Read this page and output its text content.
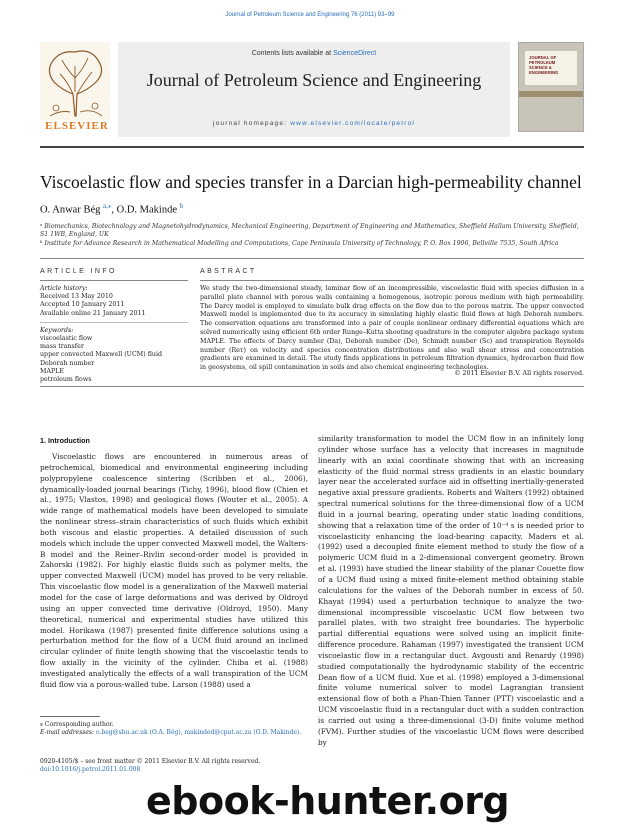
Journal of Petroleum Science and Engineering 76 (2011) 93–99
ELSEVIER
Contents lists available at ScienceDirect
Journal of Petroleum Science and Engineering
journal homepage: www.elsevier.com/locate/petrol
JOURNAL OF
PETROLEUM
SCIENCE &
ENGINEERING
Viscoelastic flow and species transfer in a Darcian high-permeability channel
O. Anwar Bég $^{a,⁎}$, O.D. Makinde $^b$
ᵃ Biomechanics, Biotechnology and Magnetohydrodynamics, Mechanical Engineering, Department of Engineering and Mathematics, Sheffield Hallam University, Sheffield, S1 1WB, England, UK
ᵇ Institute for Advance Research in Mathematical Modelling and Computations, Cape Peninsula University of Technology, P. O. Box 1906, Bellville 7535, South Africa
ARTICLE INFO	ABSTRACT
Article history:
Received 13 May 2010
Accepted 10 January 2011
Available online 21 January 2011
Keywords:
viscoelastic flow
mass transfer
upper convected Maxwell (UCM) fluid
Deborah number
MAPLE
petroleum flows
We study the two-dimensional steady, laminar flow of an incompressible, viscoelastic fluid with species diffusion in a parallel plate channel with porous walls containing a homogenous, isotropic porous medium with high permeability. The Darcy model is employed to simulate bulk drag effects on the flow due to the porous matrix. The upper convected Maxwell model is implemented due to its accuracy in simulating highly elastic fluid flows at high Deborah numbers. The conservation equations are transformed into a pair of couple nonlinear ordinary differential equations which are solved numerically using efficient 6th order Runge–Kutta shooting quadrature in the computer algebra package system MAPLE. The effects of Darcy number (Da), Deborah number (De), Schmidt number (Sc) and transpiration Reynolds number (Reᴛ) on velocity and species concentration distributions and also wall shear stress and concentration gradients are examined in detail. The study finds applications in petroleum filtration dynamics, hydrocarbon fluid flow in geosystems, oil spill contamination in soils and also chemical engineering technologies.
© 2011 Elsevier B.V. All rights reserved.
1. Introduction
Viscoelastic flows are encountered in numerous areas of petrochemical, biomedical and environmental engineering including polypropylene coalescence sintering (Scribben et al., 2006), dynamically-loaded journal bearings (Tichy, 1996), blood flow (Chien et al., 1975; Vlastos, 1998) and geological flows (Wouter et al., 2005). A wide range of mathematical models have been developed to simulate the nonlinear stress–strain characteristics of such fluids which exhibit both viscous and elastic properties. A detailed discussion of such models which include the upper convected Maxwell model, the Walters-B model and the Reiner–Rivlin second-order model is provided in Zahorski (1982). For highly elastic fluids such as polymer melts, the upper convected Maxwell (UCM) model has proved to be very reliable. This viscoelastic flow model is a generalization of the Maxwell material model for the case of large deformations and was derived by Oldroyd using an upper convected time derivative (Oldroyd, 1950). Many theoretical, numerical and experimental studies have utilized this model. Horikawa (1987) presented finite difference solutions using a perturbation method for the flow of a UCM fluid around an inclined circular cylinder of finite length showing that the viscoelastic tends to flow axially in the vicinity of the cylinder. Chiba et al. (1988) investigated analytically the effects of a wall transpiration of the UCM fluid flow via a porous-walled tube. Larson (1988) used a
similarity transformation to model the UCM flow in an infinitely long cylinder whose surface has a velocity that increases in magnitude linearly with an axial coordinate showing that with an increasing elasticity of the fluid normal stress gradients in an elastic boundary layer near the accelerated surface aid in offsetting inertially-generated negative axial pressure gradients. Roberts and Walters (1992) obtained spectral numerical solutions for the three-dimensional flow of a UCM fluid in a journal bearing, operating under static loading conditions, showing that a relaxation time of the order of 10⁻⁴ s is needed prior to viscoelasticity enhancing the load-bearing capacity. Maders et al. (1992) used a decoupled finite element method to study the flow of a polymeric UCM fluid in a 2-dimensional convergent geometry. Brown et al. (1993) have studied the linear stability of the planar Couette flow of a UCM fluid using a mixed finite-element method obtaining stable calculations for the values of the Deborah number in excess of 50. Khayat (1994) used a perturbation technique to analyze the two-dimensional incompressible viscoelastic UCM flow between two parallel plates, with two straight free boundaries. The hyperbolic partial differential equations were solved using an implicit finite-difference procedure. Rahaman (1997) investigated the transient UCM viscoelastic flow in a rectangular duct. Avgousti and Renardy (1998) studied computationally the hydrodynamic stability of the eccentric Dean flow of a UCM fluid. Xue et al. (1998) employed a 3-dimensional finite volume numerical solver to model Lagrangian transient extensional flow of both a Phan-Thien Tanner (PTT) viscoelastic and a UCM viscoelastic fluid in a rectangular duct with a sudden contraction is carried out using a three-dimensional (3-D) finite volume method (FVM). Further studies of the viscoelastic UCM flows were described by
⁎ Corresponding author.
E-mail addresses: o.beg@shu.ac.uk (O.A. Bég), makinded@cput.ac.za (O.D. Makinde).
0920-4105/$ – see front matter © 2011 Elsevier B.V. All rights reserved.
doi:10.1016/j.petrol.2011.01.008
ebook-hunter.org
